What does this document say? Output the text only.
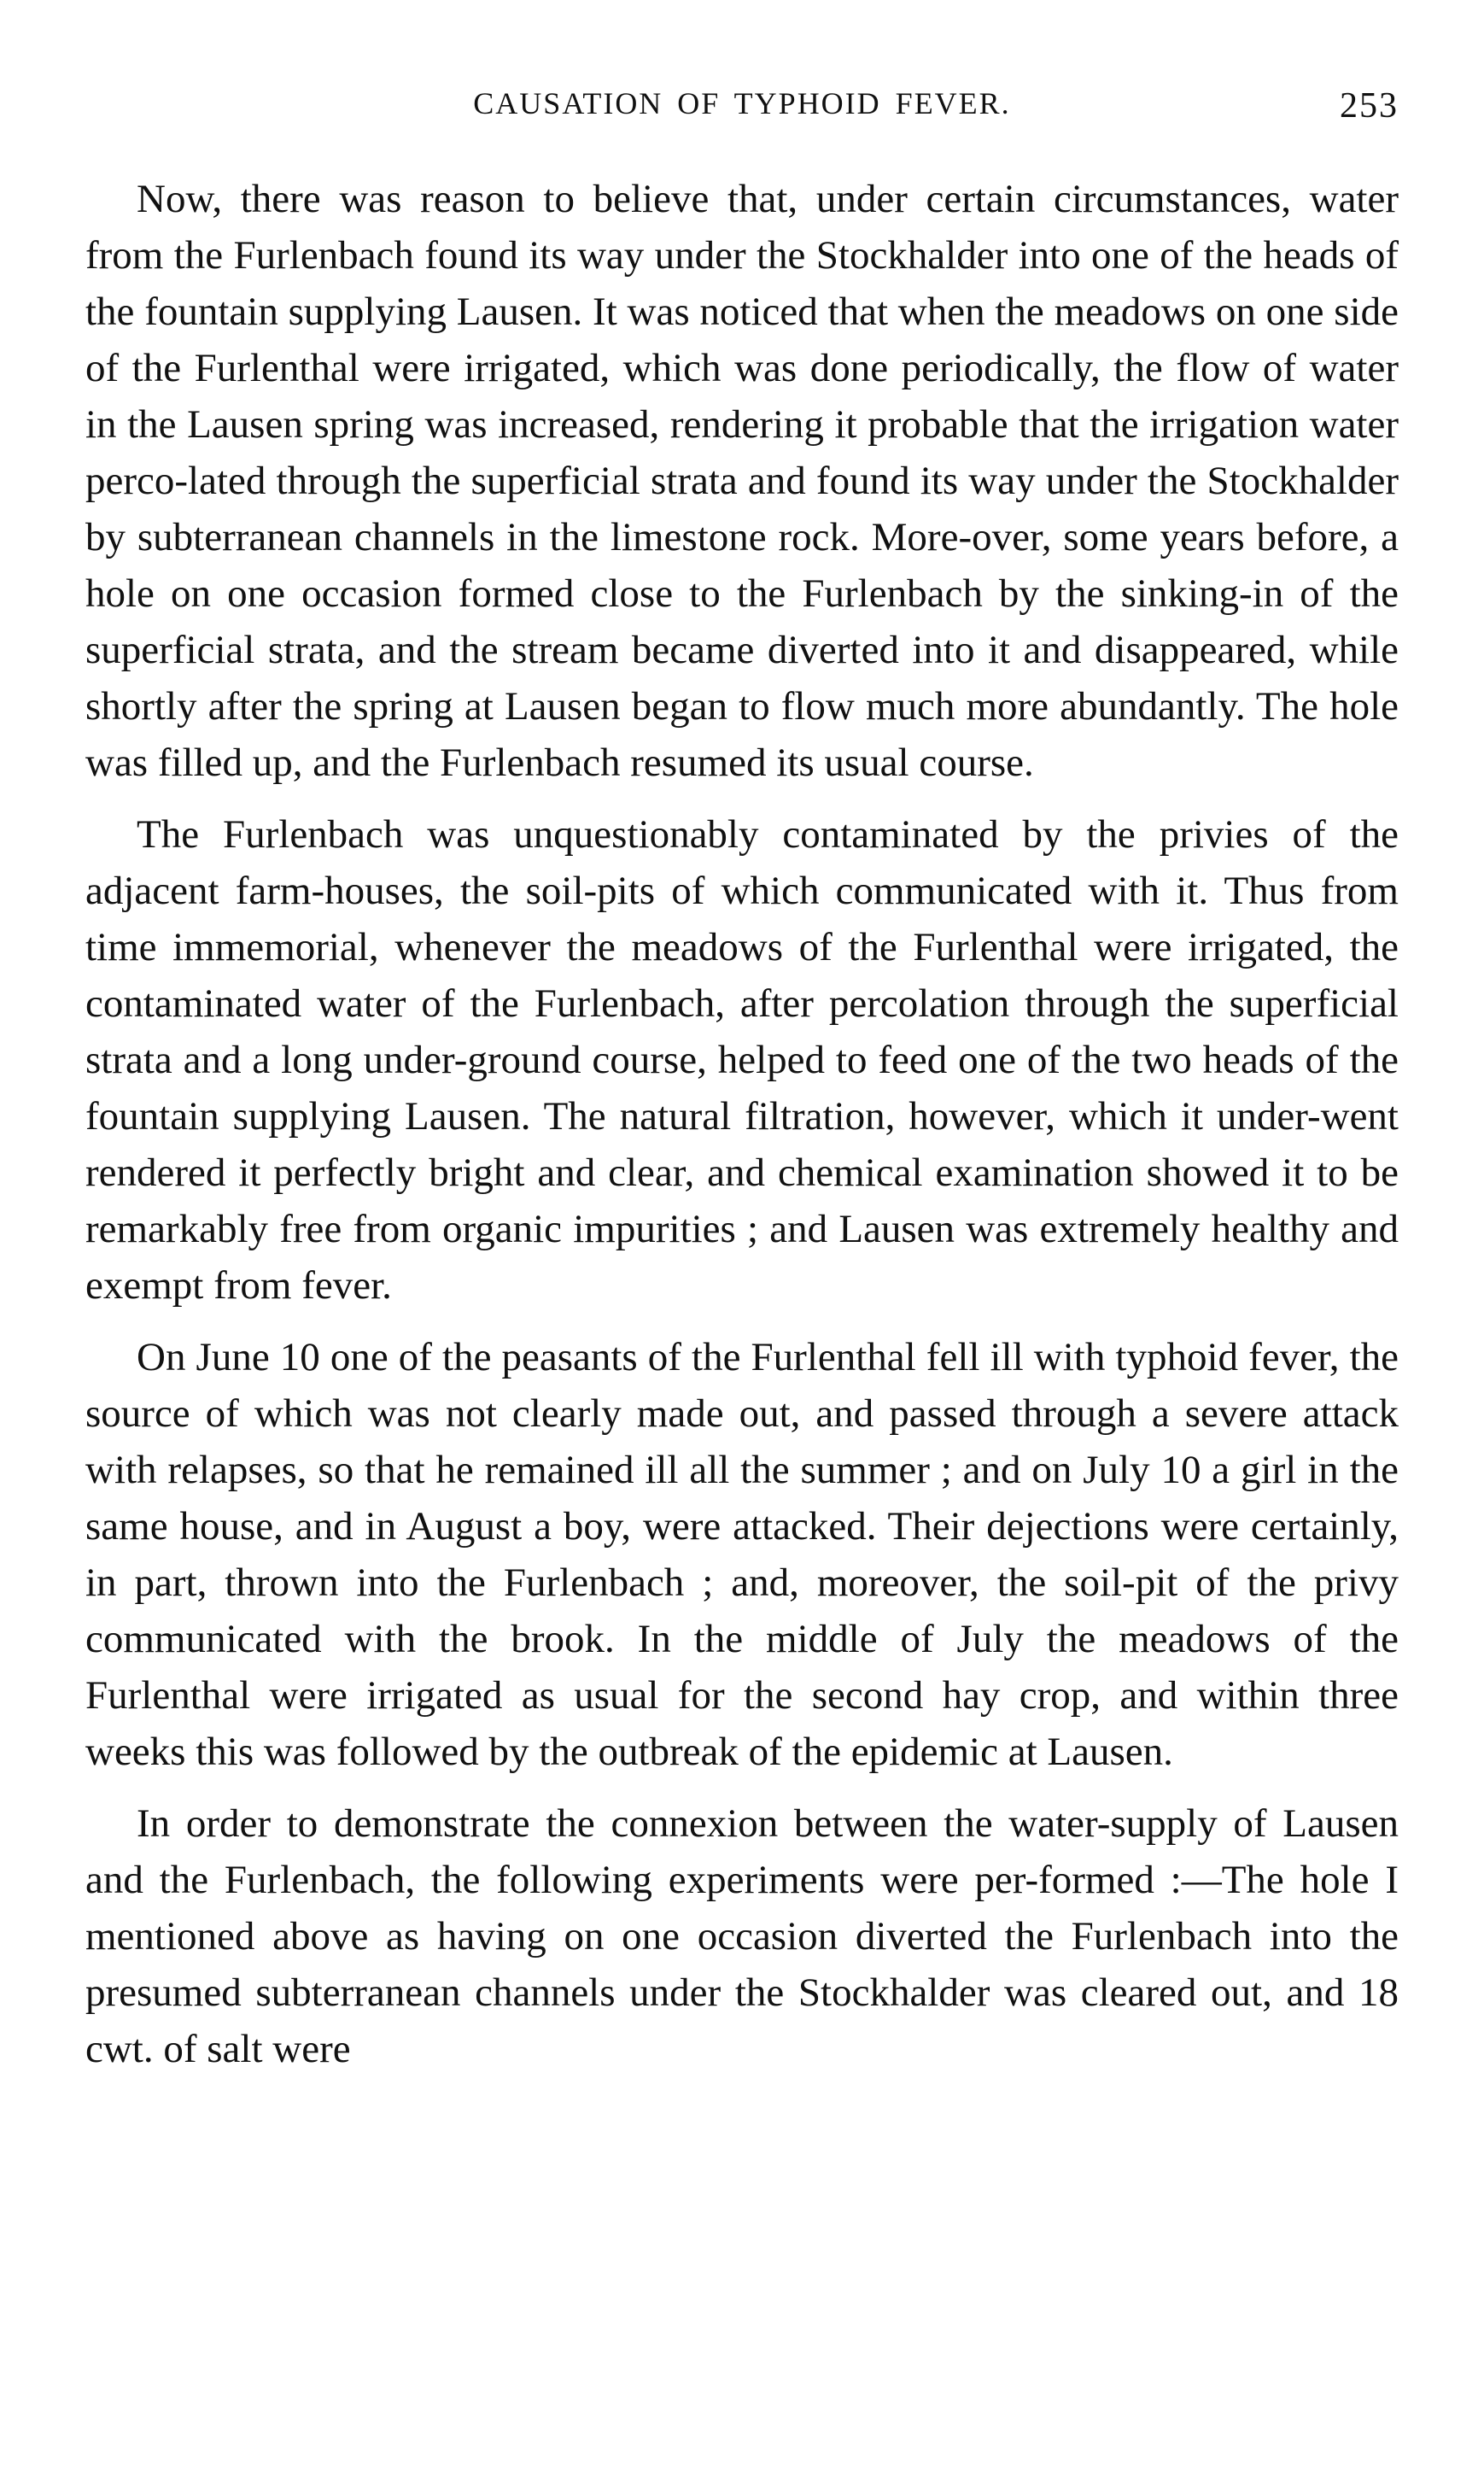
CAUSATION OF TYPHOID FEVER.	253

Now, there was reason to believe that, under certain circumstances, water from the Furlenbach found its way under the Stockhalder into one of the heads of the fountain supplying Lausen. It was noticed that when the meadows on one side of the Furlenthal were irrigated, which was done periodically, the flow of water in the Lausen spring was increased, rendering it probable that the irrigation water perco-lated through the superficial strata and found its way under the Stockhalder by subterranean channels in the limestone rock. More-over, some years before, a hole on one occasion formed close to the Furlenbach by the sinking-in of the superficial strata, and the stream became diverted into it and disappeared, while shortly after the spring at Lausen began to flow much more abundantly. The hole was filled up, and the Furlenbach resumed its usual course.

The Furlenbach was unquestionably contaminated by the privies of the adjacent farm-houses, the soil-pits of which communicated with it. Thus from time immemorial, whenever the meadows of the Furlenthal were irrigated, the contaminated water of the Furlenbach, after percolation through the superficial strata and a long under-ground course, helped to feed one of the two heads of the fountain supplying Lausen. The natural filtration, however, which it under-went rendered it perfectly bright and clear, and chemical examination showed it to be remarkably free from organic impurities ; and Lausen was extremely healthy and exempt from fever.

On June 10 one of the peasants of the Furlenthal fell ill with typhoid fever, the source of which was not clearly made out, and passed through a severe attack with relapses, so that he remained ill all the summer ; and on July 10 a girl in the same house, and in August a boy, were attacked. Their dejections were certainly, in part, thrown into the Furlenbach ; and, moreover, the soil-pit of the privy communicated with the brook. In the middle of July the meadows of the Furlenthal were irrigated as usual for the second hay crop, and within three weeks this was followed by the outbreak of the epidemic at Lausen.

In order to demonstrate the connexion between the water-supply of Lausen and the Furlenbach, the following experiments were per-formed :—The hole I mentioned above as having on one occasion diverted the Furlenbach into the presumed subterranean channels under the Stockhalder was cleared out, and 18 cwt. of salt were
